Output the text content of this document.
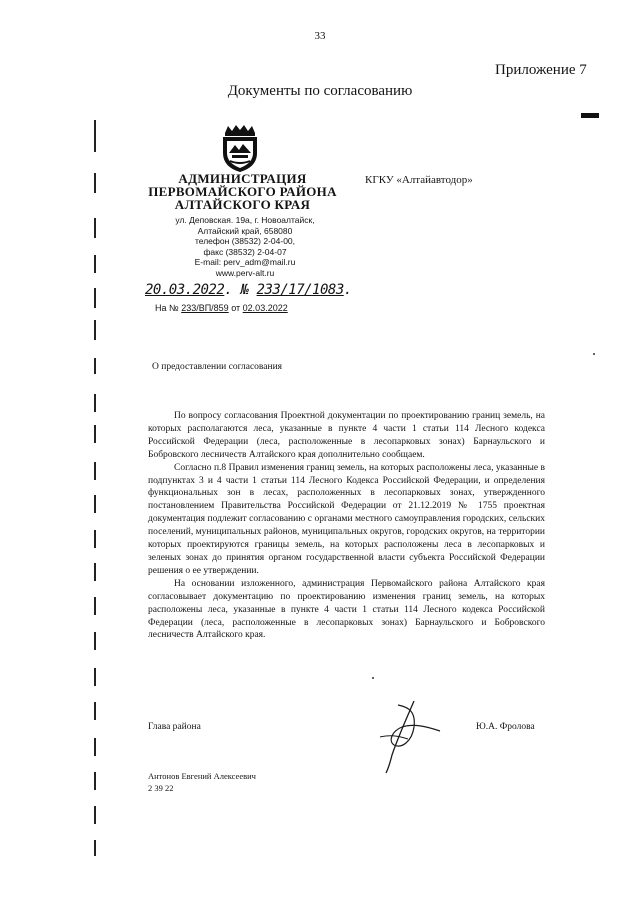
33
Приложение 7
Документы по согласованию
АДМИНИСТРАЦИЯ
ПЕРВОМАЙСКОГО РАЙОНА
АЛТАЙСКОГО КРАЯ
ул. Деповская. 19а, г. Новоалтайск,
Алтайский край, 658080
телефон (38532) 2-04-00,
факс (38532) 2-04-07
E-mail: perv_adm@mail.ru
www.perv-alt.ru
КГКУ «Алтайавтодор»
20.03.2022. № 233/17/1083.
На № 233/ВП/859 от 02.03.2022
О предоставлении согласования

По вопросу согласования Проектной документации по проектированию границ земель, на которых располагаются леса, указанные в пункте 4 части 1 статьи 114 Лесного кодекса Российской Федерации (леса, расположенные в лесопарковых зонах) Барнаульского и Бобровского лесничеств Алтайского края дополнительно сообщаем.

Согласно п.8 Правил изменения границ земель, на которых расположены леса, указанные в подпунктах 3 и 4 части 1 статьи 114 Лесного Кодекса Российской Федерации, и определения функциональных зон в лесах, расположенных в лесопарковых зонах, утвержденного постановлением Правительства Российской Федерации от 21.12.2019 № 1755 проектная документация подлежит согласованию с органами местного самоуправления городских, сельских поселений, муниципальных районов, муниципальных округов, городских округов, на территории которых проектируются границы земель, на которых расположены леса в лесопарковых и зеленых зонах до принятия органом государственной власти субъекта Российской Федерации решения о ее утверждении.

На основании изложенного, администрация Первомайского района Алтайского края согласовывает документацию по проектированию изменения границ земель, на которых расположены леса, указанные в пункте 4 части 1 статьи 114 Лесного кодекса Российской Федерации (леса, расположенные в лесопарковых зонах) Барнаульского и Бобровского лесничеств Алтайского края.

Глава района	Ю.А. Фролова
Антонов Евгений Алексеевич
2 39 22
